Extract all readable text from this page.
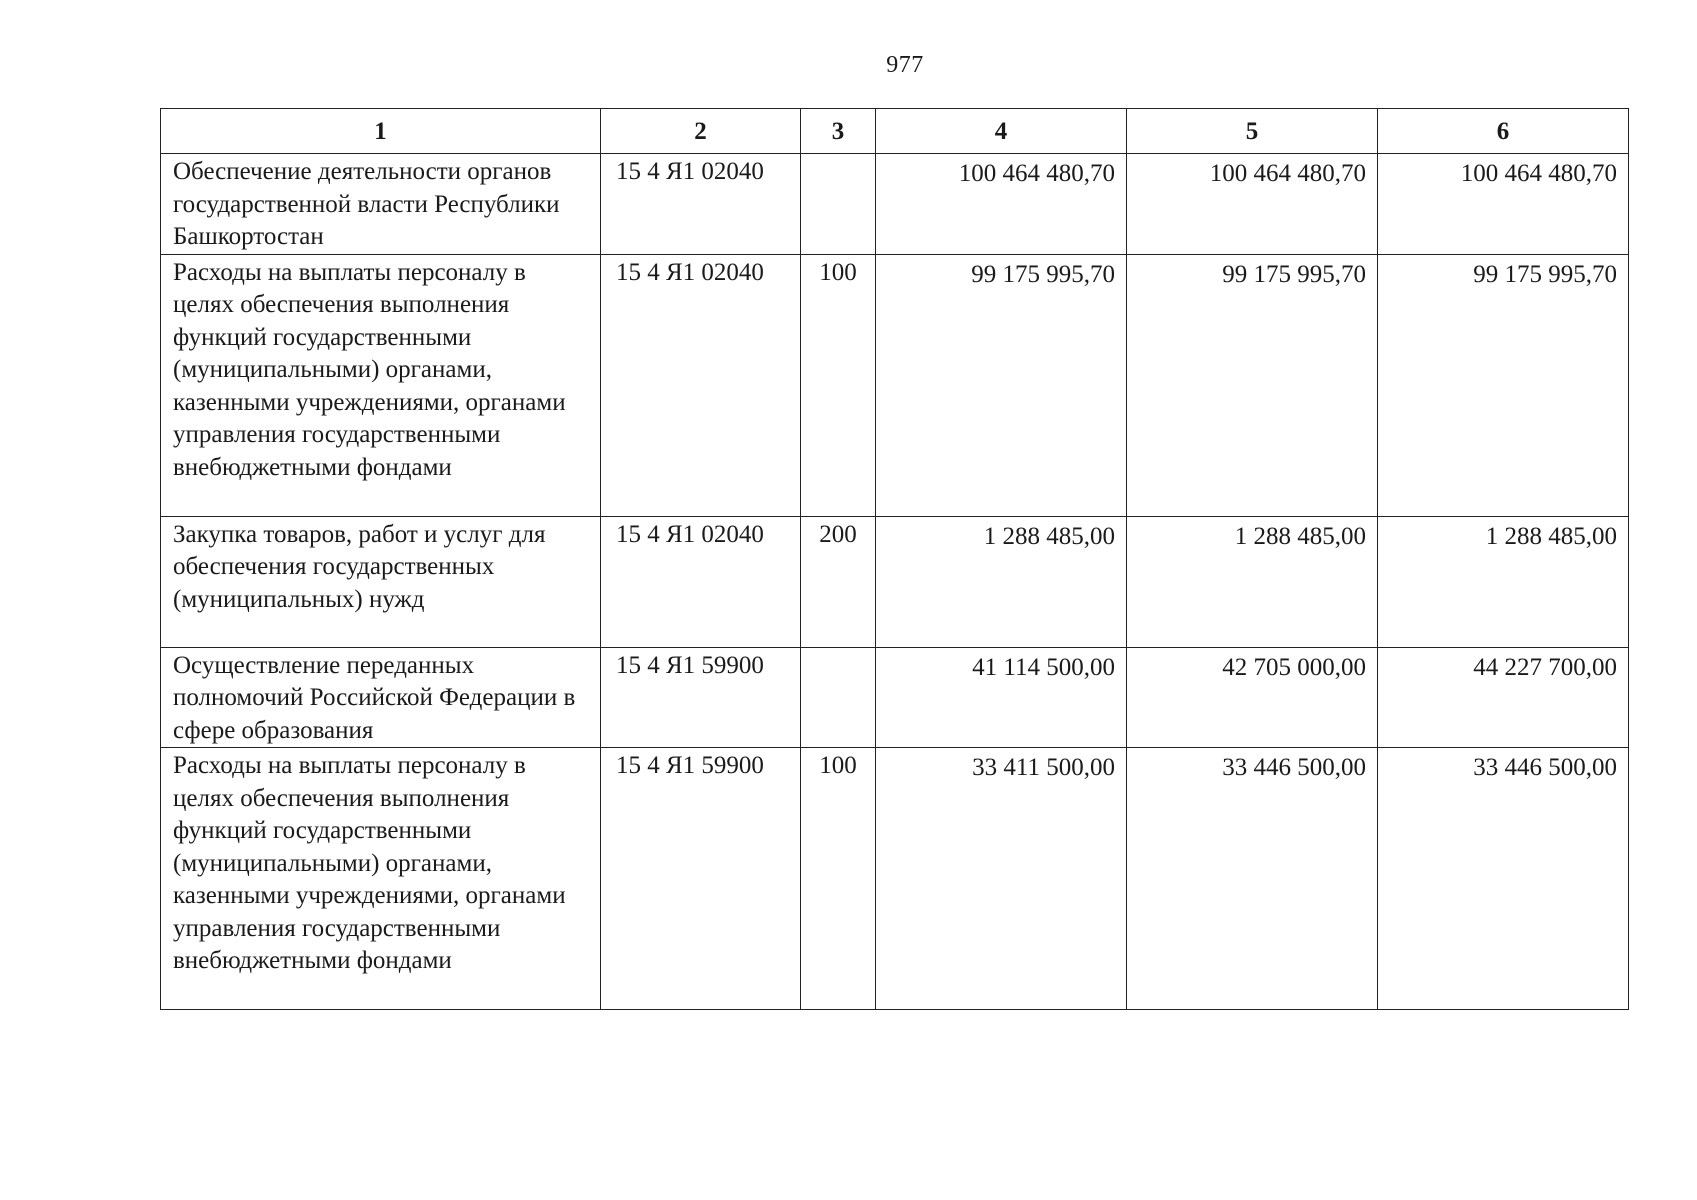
977
1	2	3	4	5	6
Обеспечение деятельности органов государственной власти Республики Башкортостан	15 4 Я1 02040		100 464 480,70	100 464 480,70	100 464 480,70
Расходы на выплаты персоналу в целях обеспечения выполнения функций государственными (муниципальными) органами, казенными учреждениями, органами управления государственными внебюджетными фондами	15 4 Я1 02040	100	99 175 995,70	99 175 995,70	99 175 995,70
Закупка товаров, работ и услуг для обеспечения государственных (муниципальных) нужд	15 4 Я1 02040	200	1 288 485,00	1 288 485,00	1 288 485,00
Осуществление переданных полномочий Российской Федерации в сфере образования	15 4 Я1 59900		41 114 500,00	42 705 000,00	44 227 700,00
Расходы на выплаты персоналу в целях обеспечения выполнения функций государственными (муниципальными) органами, казенными учреждениями, органами управления государственными внебюджетными фондами	15 4 Я1 59900	100	33 411 500,00	33 446 500,00	33 446 500,00
